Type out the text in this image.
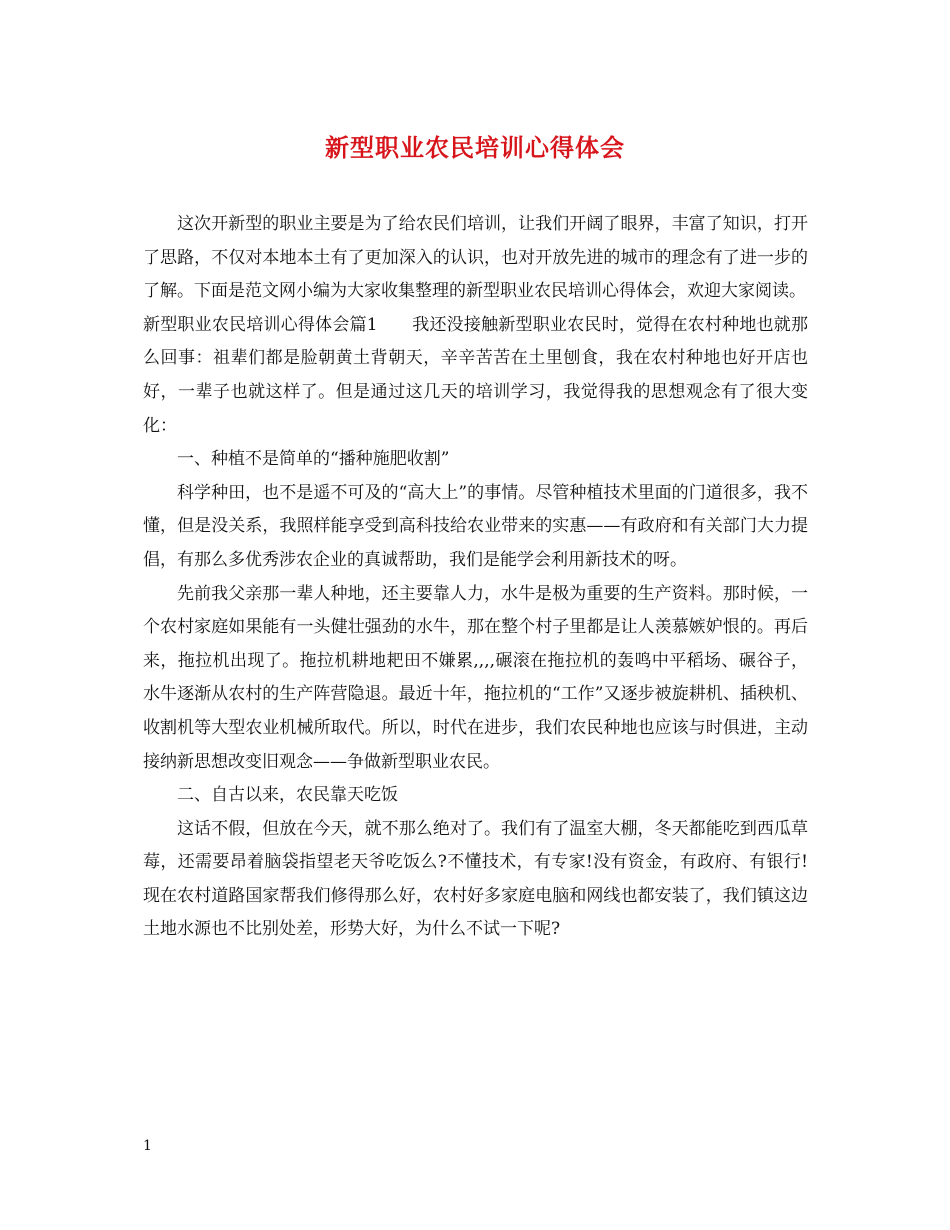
新型职业农民培训心得体会

这次开新型的职业主要是为了给农民们培训，让我们开阔了眼界，丰富了知识，打开了思路，不仅对本地本土有了更加深入的认识，也对开放先进的城市的理念有了进一步的了解。下面是范文网小编为大家收集整理的新型职业农民培训心得体会，欢迎大家阅读。

新型职业农民培训心得体会篇1　　我还没接触新型职业农民时，觉得在农村种地也就那么回事：祖辈们都是脸朝黄土背朝天，辛辛苦苦在土里刨食，我在农村种地也好开店也好，一辈子也就这样了。但是通过这几天的培训学习，我觉得我的思想观念有了很大变化：

一、种植不是简单的“播种施肥收割”

科学种田，也不是遥不可及的“高大上”的事情。尽管种植技术里面的门道很多，我不懂，但是没关系，我照样能享受到高科技给农业带来的实惠——有政府和有关部门大力提倡，有那么多优秀涉农企业的真诚帮助，我们是能学会利用新技术的呀。

先前我父亲那一辈人种地，还主要靠人力，水牛是极为重要的生产资料。那时候，一个农村家庭如果能有一头健壮强劲的水牛，那在整个村子里都是让人羡慕嫉妒恨的。再后来，拖拉机出现了。拖拉机耕地耙田不嫌累,,,,碾滚在拖拉机的轰鸣中平稻场、碾谷子，水牛逐渐从农村的生产阵营隐退。最近十年，拖拉机的“工作”又逐步被旋耕机、插秧机、收割机等大型农业机械所取代。所以，时代在进步，我们农民种地也应该与时俱进，主动接纳新思想改变旧观念——争做新型职业农民。

二、自古以来，农民靠天吃饭

这话不假，但放在今天，就不那么绝对了。我们有了温室大棚，冬天都能吃到西瓜草莓，还需要昂着脑袋指望老天爷吃饭么?不懂技术，有专家!没有资金，有政府、有银行!现在农村道路国家帮我们修得那么好，农村好多家庭电脑和网线也都安装了，我们镇这边土地水源也不比别处差，形势大好，为什么不试一下呢?

1
